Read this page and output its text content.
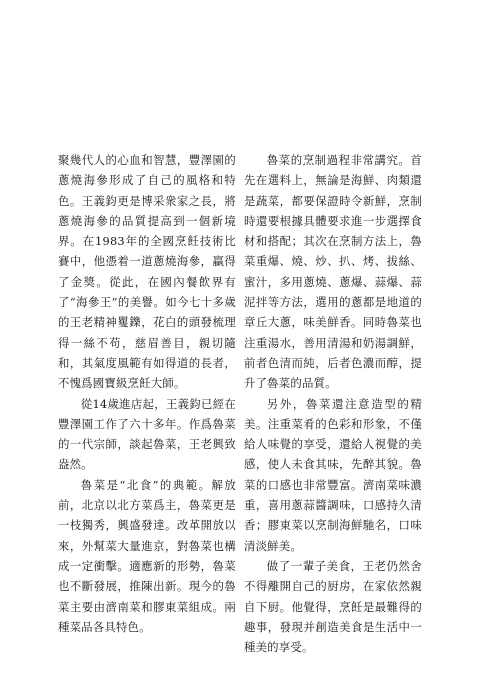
聚幾代人的心血和智慧，豐澤園的蔥燒海參形成了自己的風格和特色。王義鈞更是博采衆家之長，將蔥燒海參的品質提高到一個新境界。在1983年的全國烹飪技術比賽中，他憑着一道蔥燒海參，贏得了金獎。從此，在國內餐飲界有了“海參王”的美譽。如今七十多歲的王老精神矍鑠，花白的頭發梳理得一絲不苟，慈眉善目，親切隨和，其氣度風範有如得道的長者，不愧爲國寶級烹飪大師。

從14歲進店起，王義鈞已經在豐澤園工作了六十多年。作爲魯菜的一代宗師，談起魯菜，王老興致盎然。

魯菜是“北食”的典範。解放前，北京以北方菜爲主，魯菜更是一枝獨秀，興盛發達。改革開放以來，外幫菜大量進京，對魯菜也構成一定衝擊。適應新的形勢，魯菜也不斷發展，推陳出新。現今的魯菜主要由濟南菜和膠東菜組成。兩種菜品各具特色。

魯菜的烹制過程非常講究。首先在選料上，無論是海鮮、肉類還是蔬菜，都要保證時令新鮮，烹制時還要根據具體要求進一步選擇食材和搭配；其次在烹制方法上，魯菜重爆、燒、炒、扒、烤、拔絲、蜜汁，多用蔥燒、蔥爆、蒜爆、蒜泥拌等方法，選用的蔥都是地道的章丘大蔥，味美鮮香。同時魯菜也注重湯水，善用清湯和奶湯調鮮，前者色清而純，后者色濃而醇，提升了魯菜的品質。

另外，魯菜還注意造型的精美。注重菜肴的色彩和形象，不僅給人味覺的享受，還給人視覺的美感，使人未食其味，先醉其貌。魯菜的口感也非常豐富。濟南菜味濃重，喜用蔥蒜醬調味，口感持久清香；膠東菜以烹制海鮮馳名，口味清淡鮮美。

做了一輩子美食，王老仍然舍不得離開自己的厨房，在家依然親自下厨。他覺得，烹飪是最難得的趣事，發現并創造美食是生活中一種美的享受。
